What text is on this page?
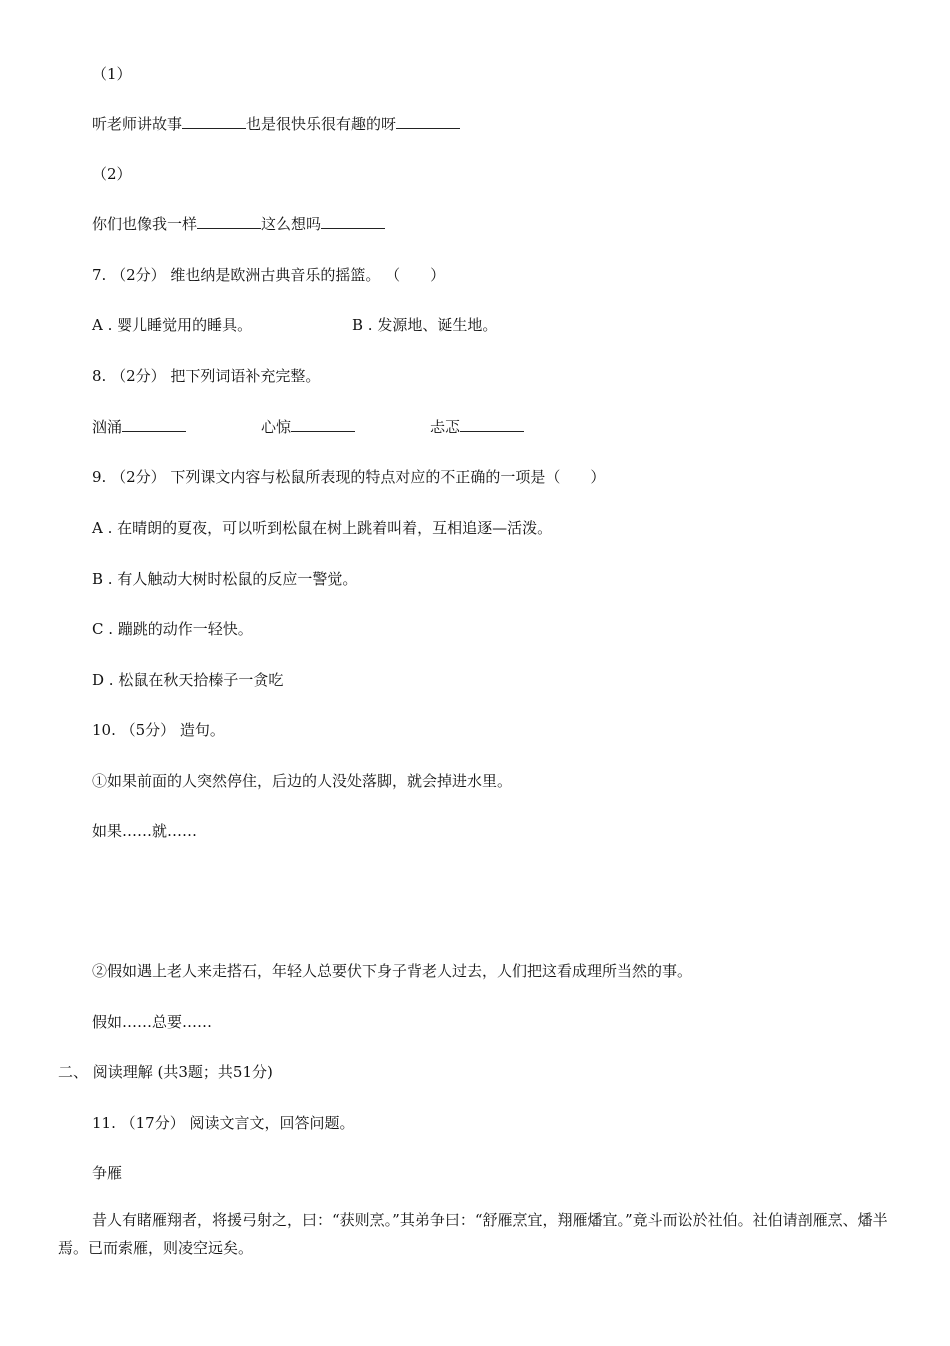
（1）
听老师讲故事	也是很快乐很有趣的呀
（2）
你们也像我一样	这么想吗
7. （2分） 维也纳是欧洲古典音乐的摇篮。 （　　）
A . 婴儿睡觉用的睡具。	B . 发源地、诞生地。
8. （2分） 把下列词语补充完整。
汹涌	心惊	忐忑
9. （2分） 下列课文内容与松鼠所表现的特点对应的不正确的一项是（　　）
A . 在晴朗的夏夜，可以听到松鼠在树上跳着叫着，互相追逐—活泼。
B . 有人触动大树时松鼠的反应一警觉。
C . 蹦跳的动作一轻快。
D . 松鼠在秋天拾榛子一贪吃
10. （5分） 造句。
①如果前面的人突然停住，后边的人没处落脚，就会掉进水里。
如果……就……
②假如遇上老人来走搭石，年轻人总要伏下身子背老人过去，人们把这看成理所当然的事。
假如……总要……
二、 阅读理解 (共3题；共51分)
11. （17分） 阅读文言文，回答问题。
争雁
昔人有睹雁翔者，将援弓射之，曰：“获则烹。”其弟争曰：“舒雁烹宜，翔雁燔宜。”竟斗而讼於社伯。社伯请剖雁烹、燔半焉。已而索雁，则凌空远矣。
